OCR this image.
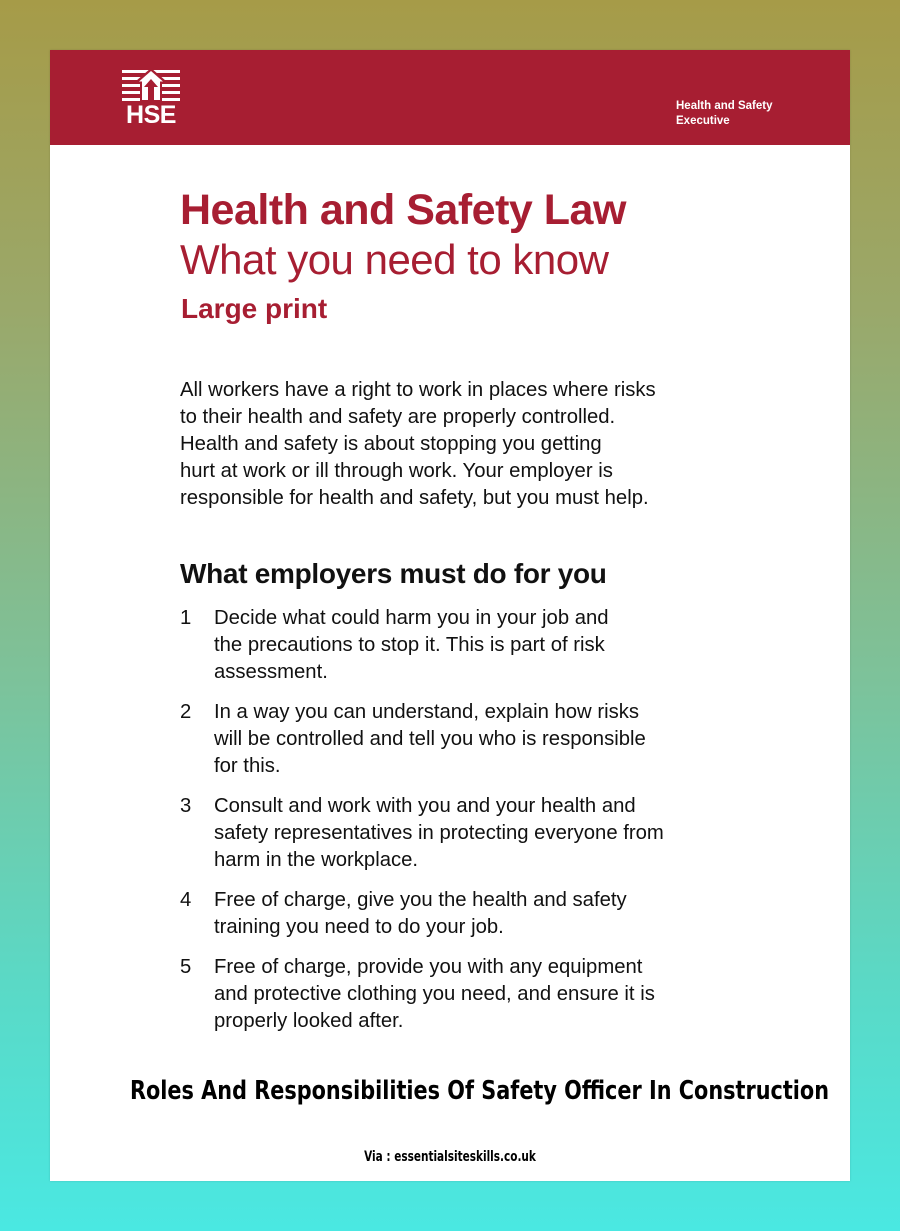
HSE	Health and Safety
Executive
Health and Safety Law
What you need to know
Large print
All workers have a right to work in places where risks
to their health and safety are properly controlled.
Health and safety is about stopping you getting
hurt at work or ill through work. Your employer is
responsible for health and safety, but you must help.
What employers must do for you
1 Decide what could harm you in your job and
the precautions to stop it. This is part of risk
assessment.
2 In a way you can understand, explain how risks
will be controlled and tell you who is responsible
for this.
3 Consult and work with you and your health and
safety representatives in protecting everyone from
harm in the workplace.
4 Free of charge, give you the health and safety
training you need to do your job.
5 Free of charge, provide you with any equipment
and protective clothing you need, and ensure it is
properly looked after.
Roles And Responsibilities Of Safety Officer In Construction
Via : essentialsiteskills.co.uk
